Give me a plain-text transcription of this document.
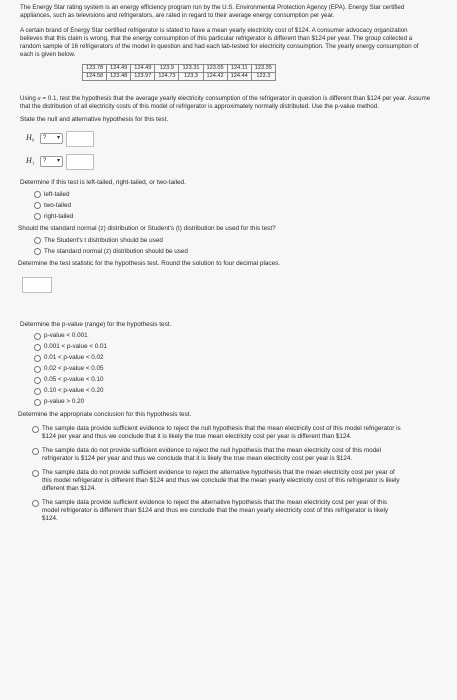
The Energy Star rating system is an energy efficiency program run by the U.S. Environmental Protection Agency (EPA). Energy Star certified appliances, such as televisions and refrigerators, are rated in regard to their average energy consumption per year.

A certain brand of Energy Star certified refrigerator is stated to have a mean yearly electricity cost of $124. A consumer advocacy organization believes that this claim is wrong, that the energy consumption of this particular refrigerator is different than $124 per year. The group collected a random sample of 16 refrigerators of the model in question and had each lab-tested for electricity consumption. The yearly energy consumption of each is given below.

123.78	124.49	124.49	123.9	123.31	123.05	124.11	123.35
124.58	123.48	123.97	124.73	123.3	124.42	124.44	123.3

Using α = 0.1, test the hypothesis that the average yearly electricity consumption of the refrigerator in question is different than $124 per year. Assume that the distribution of all electricity costs of this model of refrigerator is approximately normally distributed. Use the p-value method.

State the null and alternative hypothesis for this test.

H₀	? ▾
H₁	? ▾

Determine if this test is left-tailed, right-tailed, or two-tailed.

left-tailed
two-tailed
right-tailed

Should the standard normal (z) distribution or Student's (t) distribution be used for this test?

The Student's t distribution should be used
The standard normal (z) distribution should be used

Determine the test statistic for the hypothesis test. Round the solution to four decimal places.

Determine the p-value (range) for the hypothesis test.

p-value < 0.001
0.001 < p-value < 0.01
0.01 < p-value < 0.02
0.02 < p-value < 0.05
0.05 < p-value < 0.10
0.10 < p-value < 0.20
p-value > 0.20

Determine the appropriate conclusion for this hypothesis test.

The sample data provide sufficient evidence to reject the null hypothesis that the mean electricity cost of this model refrigerator is $124 per year and thus we conclude that it is likely the true mean electricity cost per year is different than $124.
The sample data do not provide sufficient evidence to reject the null hypothesis that the mean electricity cost of this model refrigerator is $124 per year and thus we conclude that it is likely the true mean electricity cost per year is $124.
The sample data do not provide sufficient evidence to reject the alternative hypothesis that the mean electricity cost per year of this model refrigerator is different than $124 and thus we conclude that the mean yearly electricity cost of this refrigerator is likely different than $124.
The sample data provide sufficient evidence to reject the alternative hypothesis that the mean electricity cost per year of this model refrigerator is different than $124 and thus we conclude that the mean yearly electricity cost of this refrigerator is likely $124.
